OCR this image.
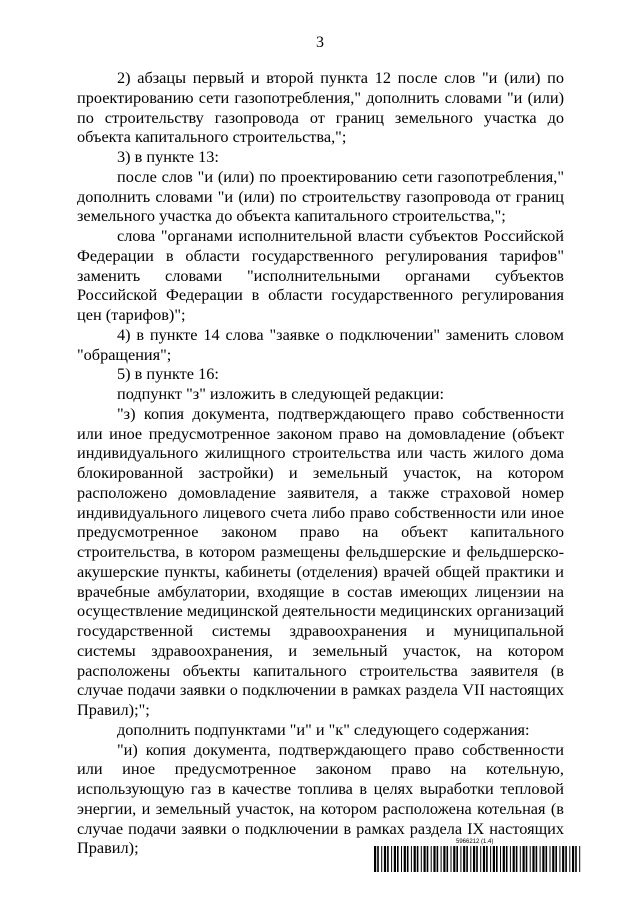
3

2) абзацы первый и второй пункта 12 после слов "и (или) по проектированию сети газопотребления," дополнить словами "и (или) по строительству газопровода от границ земельного участка до объекта капитального строительства,";

3) в пункте 13:

после слов "и (или) по проектированию сети газопотребления," дополнить словами "и (или) по строительству газопровода от границ земельного участка до объекта капитального строительства,";

слова "органами исполнительной власти субъектов Российской Федерации в области государственного регулирования тарифов" заменить словами "исполнительными органами субъектов Российской Федерации в области государственного регулирования цен (тарифов)";

4) в пункте 14 слова "заявке о подключении" заменить словом "обращения";

5) в пункте 16:

подпункт "з" изложить в следующей редакции:

"з) копия документа, подтверждающего право собственности или иное предусмотренное законом право на домовладение (объект индивидуального жилищного строительства или часть жилого дома блокированной застройки) и земельный участок, на котором расположено домовладение заявителя, а также страховой номер индивидуального лицевого счета либо право собственности или иное предусмотренное законом право на объект капитального строительства, в котором размещены фельдшерские и фельдшерско-акушерские пункты, кабинеты (отделения) врачей общей практики и врачебные амбулатории, входящие в состав имеющих лицензии на осуществление медицинской деятельности медицинских организаций государственной системы здравоохранения и муниципальной системы здравоохранения, и земельный участок, на котором расположены объекты капитального строительства заявителя (в случае подачи заявки о подключении в рамках раздела VII настоящих Правил);";

дополнить подпунктами "и" и "к" следующего содержания:

"и) копия документа, подтверждающего право собственности или иное предусмотренное законом право на котельную, использующую газ в качестве топлива в целях выработки тепловой энергии, и земельный участок, на котором расположена котельная (в случае подачи заявки о подключении в рамках раздела IX настоящих Правил);	5966212 (1.4)
